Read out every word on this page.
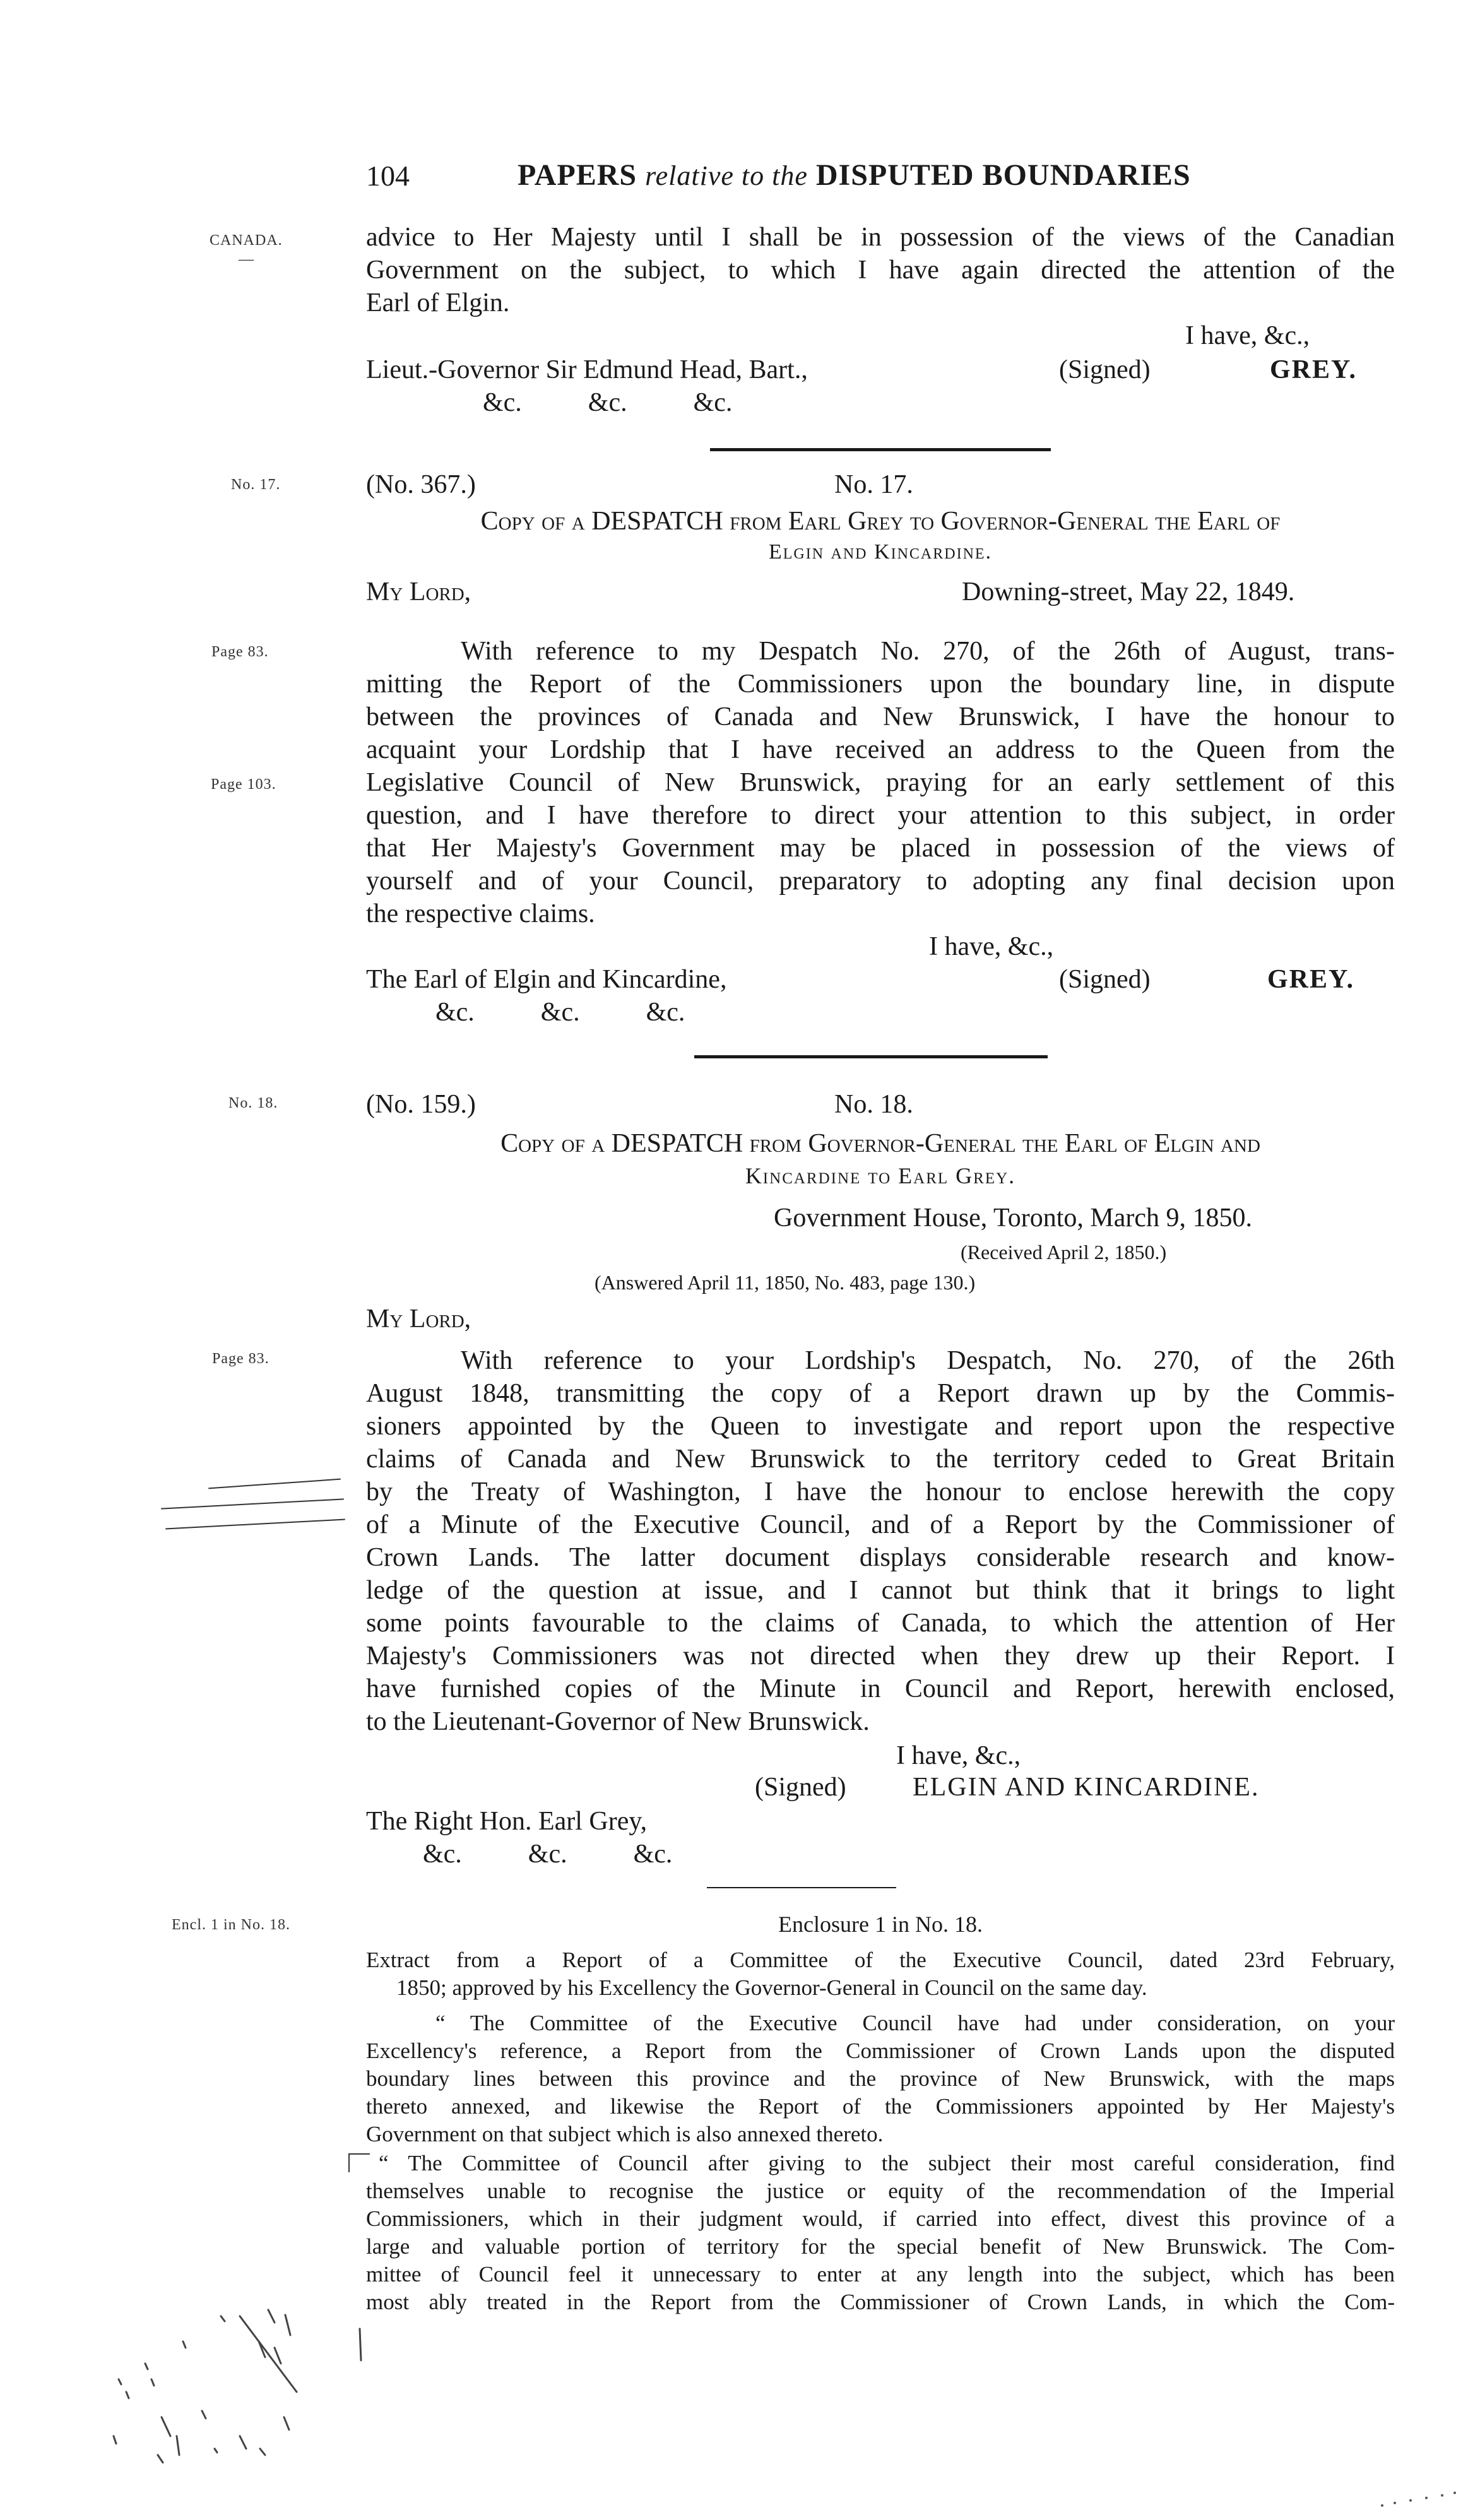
104	PAPERS relative to the DISPUTED BOUNDARIES
CANADA.
—
No. 17.
Page 83.
Page 103.
No. 18.
Page 83.
Encl. 1 in No. 18.
advice to Her Majesty until I shall be in possession of the views of the Canadian
Government on the subject, to which I have again directed the attention of the
Earl of Elgin.
I have, &c.,
Lieut.-Governor Sir Edmund Head, Bart.,	(Signed)	GREY.
&c.          &c.          &c.
(No. 367.)	No. 17.
Copy of a DESPATCH from Earl Grey to Governor-General the Earl of
Elgin and Kincardine.
My Lord,	Downing-street, May 22, 1849.
With reference to my Despatch No. 270, of the 26th of August, trans-
mitting the Report of the Commissioners upon the boundary line, in dispute
between the provinces of Canada and New Brunswick, I have the honour to
acquaint your Lordship that I have received an address to the Queen from the
Legislative Council of New Brunswick, praying for an early settlement of this
question, and I have therefore to direct your attention to this subject, in order
that Her Majesty's Government may be placed in possession of the views of
yourself and of your Council, preparatory to adopting any final decision upon
the respective claims.
I have, &c.,
The Earl of Elgin and Kincardine,	(Signed)	GREY.
&c.          &c.          &c.
(No. 159.)	No. 18.
Copy of a DESPATCH from Governor-General the Earl of Elgin and
Kincardine to Earl Grey.
Government House, Toronto, March 9, 1850.
(Received April 2, 1850.)
(Answered April 11, 1850, No. 483, page 130.)
My Lord,
With reference to your Lordship's Despatch, No. 270, of the 26th
August 1848, transmitting the copy of a Report drawn up by the Commis-
sioners appointed by the Queen to investigate and report upon the respective
claims of Canada and New Brunswick to the territory ceded to Great Britain
by the Treaty of Washington, I have the honour to enclose herewith the copy
of a Minute of the Executive Council, and of a Report by the Commissioner of
Crown Lands. The latter document displays considerable research and know-
ledge of the question at issue, and I cannot but think that it brings to light
some points favourable to the claims of Canada, to which the attention of Her
Majesty's Commissioners was not directed when they drew up their Report. I
have furnished copies of the Minute in Council and Report, herewith enclosed,
to the Lieutenant-Governor of New Brunswick.
I have, &c.,
(Signed)	ELGIN AND KINCARDINE.
The Right Hon. Earl Grey,
&c.          &c.          &c.
Enclosure 1 in No. 18.
Extract from a Report of a Committee of the Executive Council, dated 23rd February,
1850; approved by his Excellency the Governor-General in Council on the same day.
“ The Committee of the Executive Council have had under consideration, on your
Excellency's reference, a Report from the Commissioner of Crown Lands upon the disputed
boundary lines between this province and the province of New Brunswick, with the maps
thereto annexed, and likewise the Report of the Commissioners appointed by Her Majesty's
Government on that subject which is also annexed thereto.
“ The Committee of Council after giving to the subject their most careful consideration, find
themselves unable to recognise the justice or equity of the recommendation of the Imperial
Commissioners, which in their judgment would, if carried into effect, divest this province of a
large and valuable portion of territory for the special benefit of New Brunswick. The Com-
mittee of Council feel it unnecessary to enter at any length into the subject, which has been
most ably treated in the Report from the Commissioner of Crown Lands, in which the Com-
